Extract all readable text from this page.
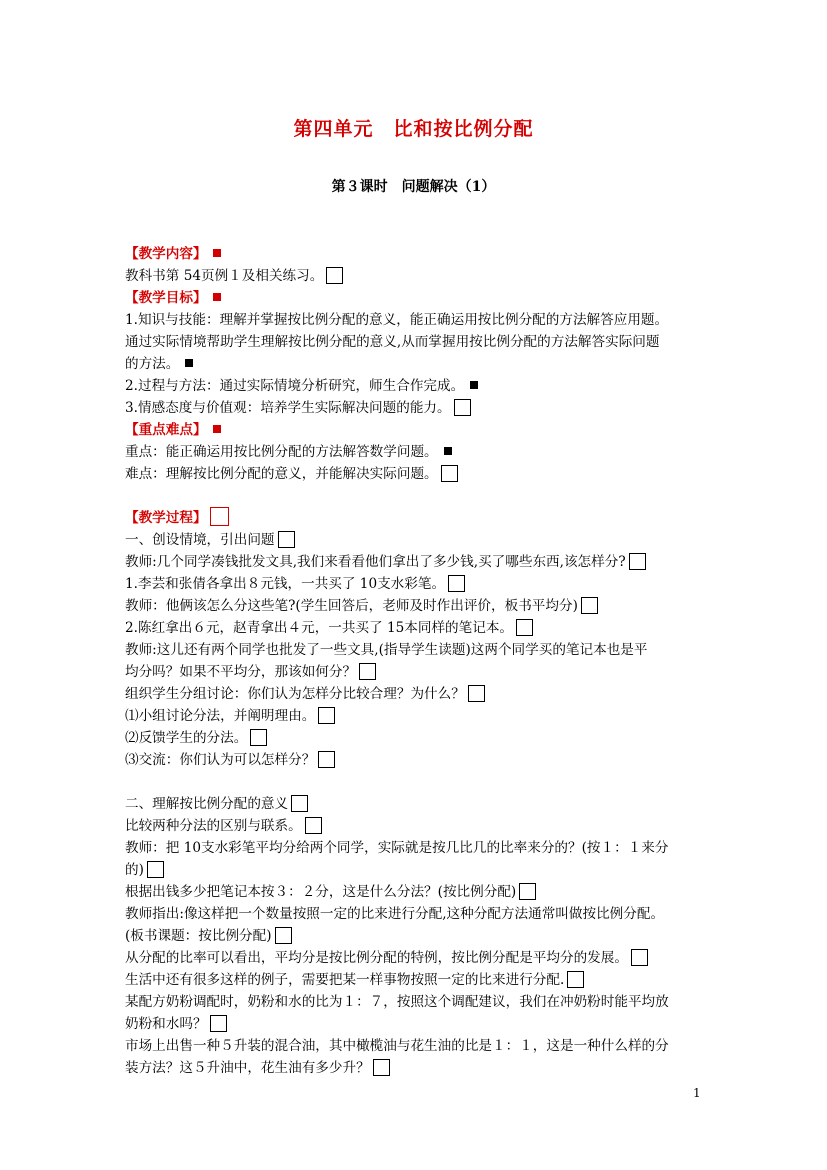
第四单元　比和按比例分配
第３课时　问题解决（1）
【教学内容】
教科书第 54页例１及相关练习。
【教学目标】
1.知识与技能：理解并掌握按比例分配的意义，能正确运用按比例分配的方法解答应用题。
通过实际情境帮助学生理解按比例分配的意义,从而掌握用按比例分配的方法解答实际问题
的方法。
2.过程与方法：通过实际情境分析研究，师生合作完成。
3.情感态度与价值观：培养学生实际解决问题的能力。
【重点难点】
重点：能正确运用按比例分配的方法解答数学问题。
难点：理解按比例分配的意义，并能解决实际问题。
【教学过程】
一、创设情境，引出问题
教师:几个同学凑钱批发文具,我们来看看他们拿出了多少钱,买了哪些东西,该怎样分?
1.李芸和张倩各拿出８元钱，一共买了 10支水彩笔。
教师：他俩该怎么分这些笔?(学生回答后，老师及时作出评价，板书平均分)
2.陈红拿出６元，赵青拿出４元，一共买了 15本同样的笔记本。
教师:这儿还有两个同学也批发了一些文具,(指导学生读题)这两个同学买的笔记本也是平
均分吗？如果不平均分，那该如何分？
组织学生分组讨论：你们认为怎样分比较合理？为什么？
⑴小组讨论分法，并阐明理由。
⑵反馈学生的分法。
⑶交流：你们认为可以怎样分？
二、理解按比例分配的意义
比较两种分法的区别与联系。
教师：把 10支水彩笔平均分给两个同学，实际就是按几比几的比率来分的？(按１：１来分
的)
根据出钱多少把笔记本按３：２分，这是什么分法？(按比例分配)
教师指出:像这样把一个数量按照一定的比来进行分配,这种分配方法通常叫做按比例分配。
(板书课题：按比例分配)
从分配的比率可以看出，平均分是按比例分配的特例，按比例分配是平均分的发展。
生活中还有很多这样的例子，需要把某一样事物按照一定的比来进行分配.
某配方奶粉调配时，奶粉和水的比为１：７，按照这个调配建议，我们在冲奶粉时能平均放
奶粉和水吗？
市场上出售一种５升装的混合油，其中橄榄油与花生油的比是１：１，这是一种什么样的分
装方法？这５升油中，花生油有多少升？
1
